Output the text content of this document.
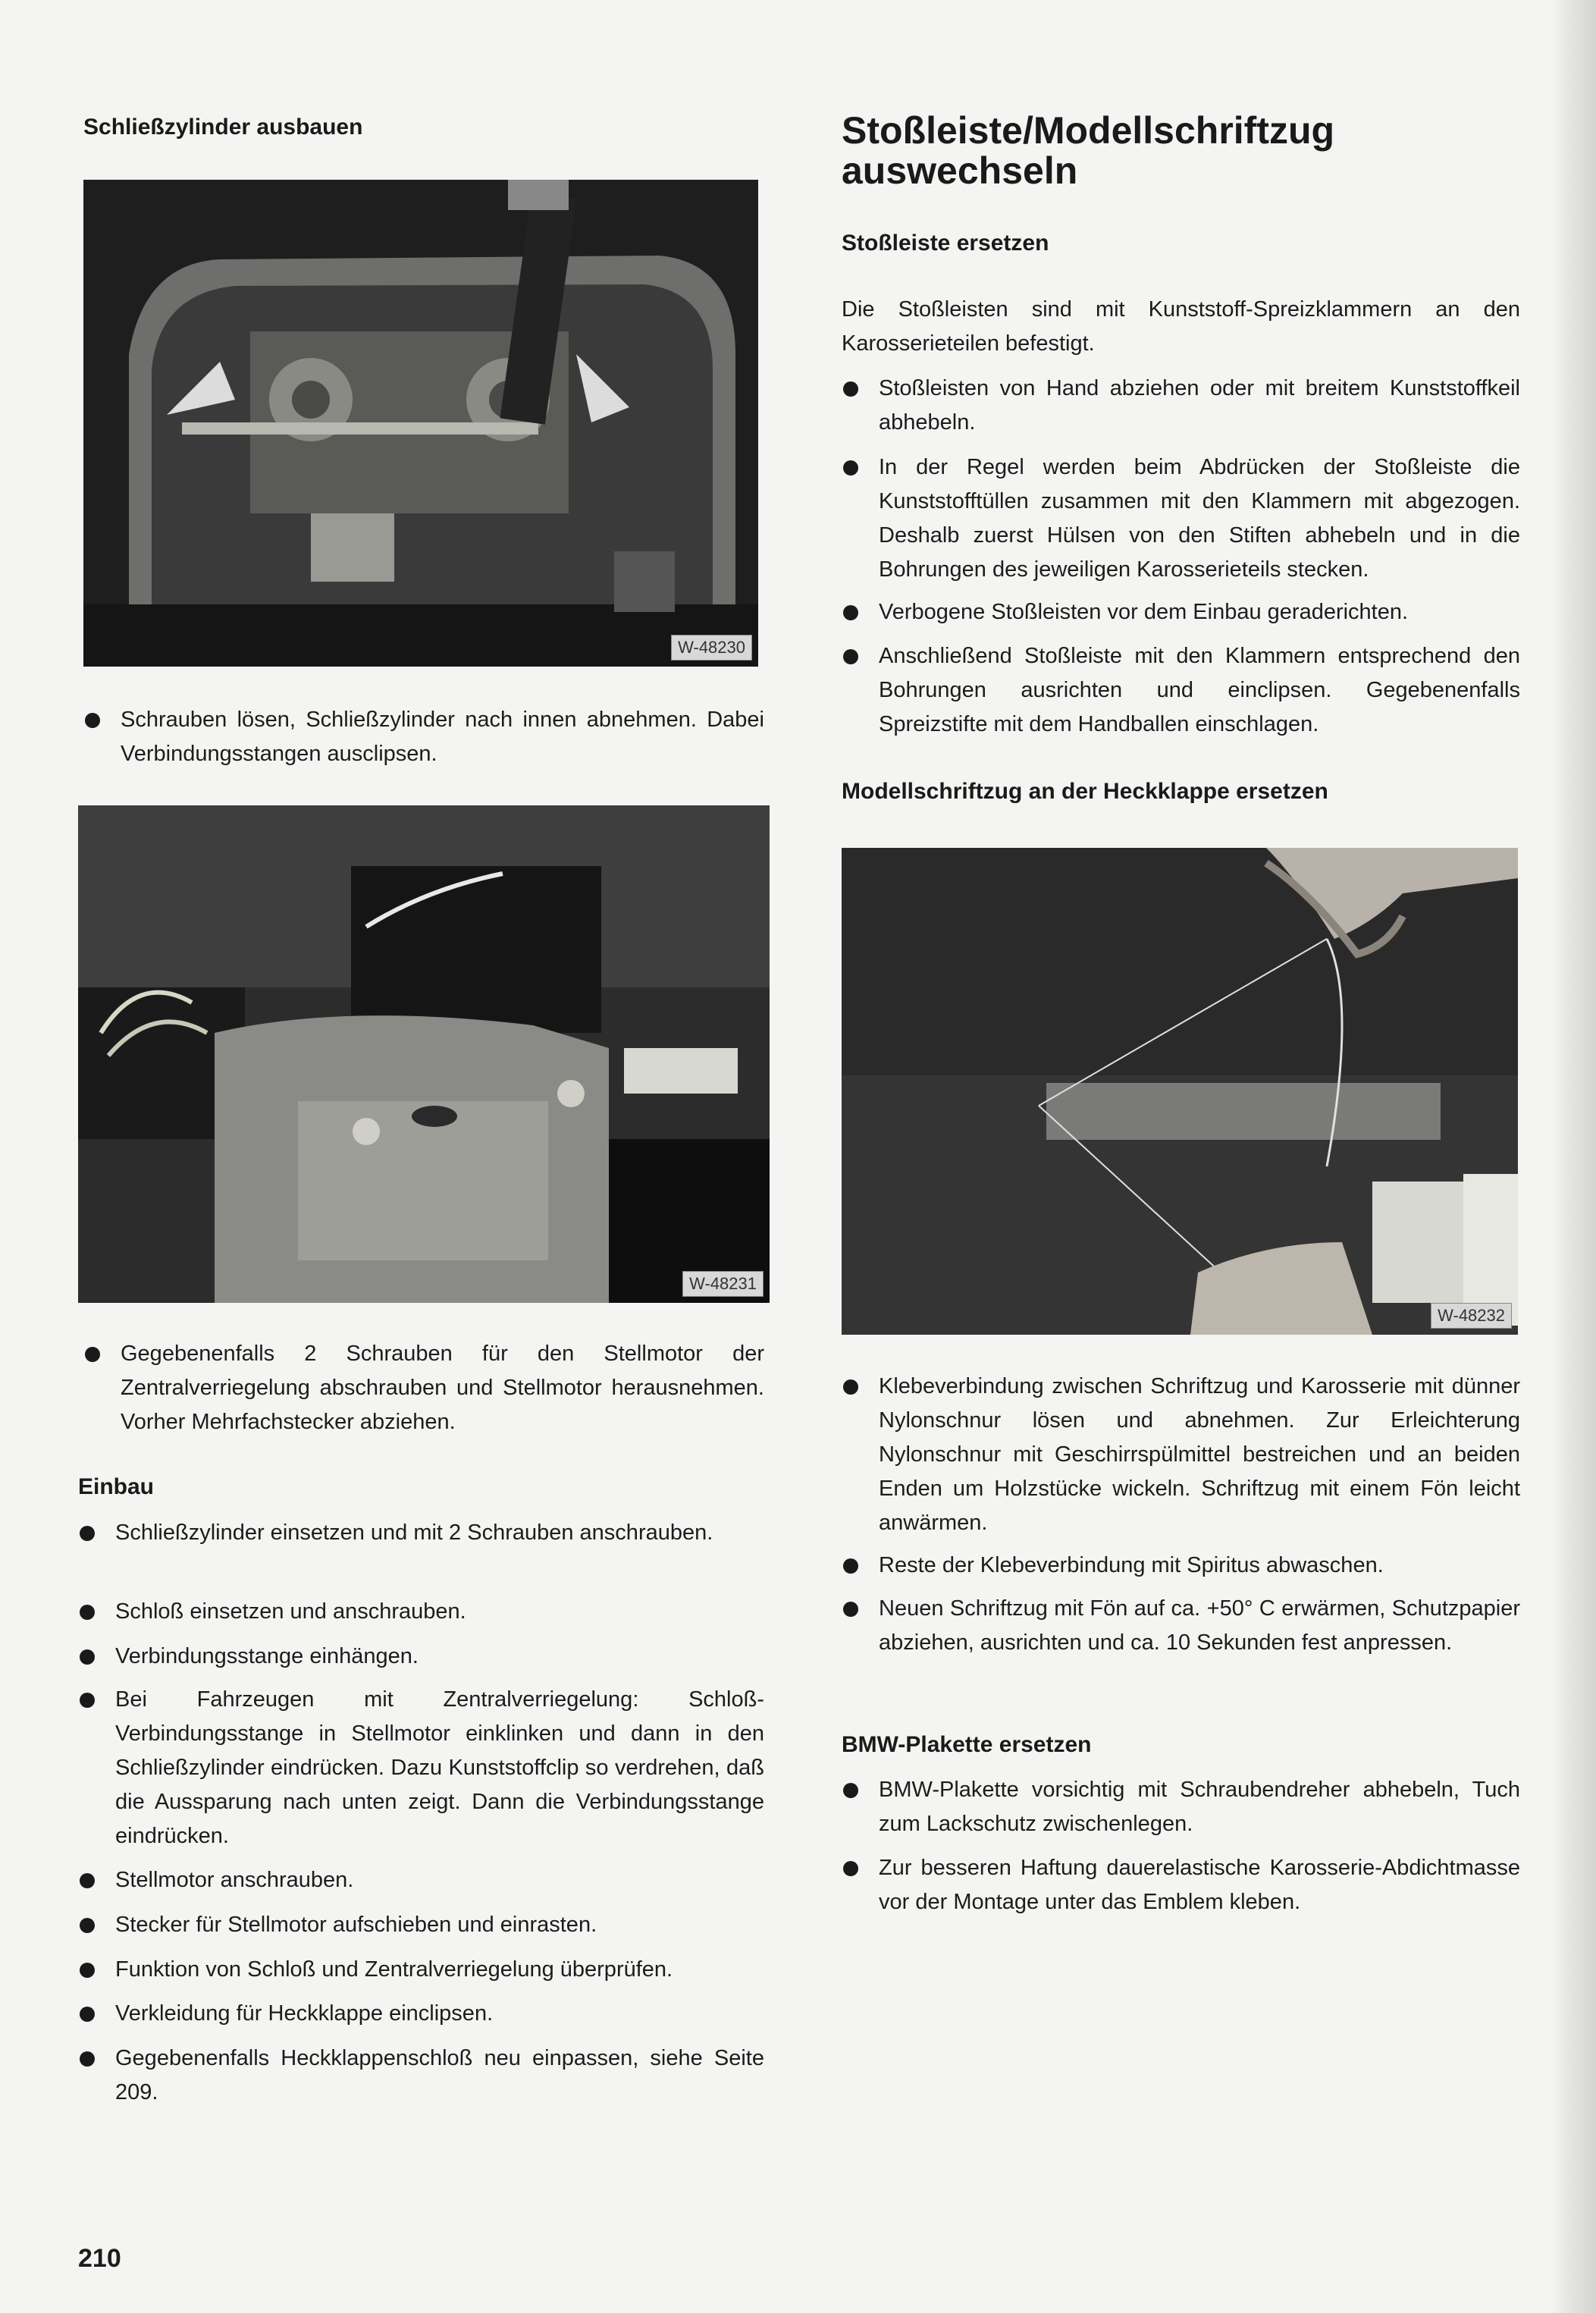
Schließzylinder ausbauen
W-48230
Schrauben lösen, Schließzylinder nach innen abnehmen. Dabei Verbindungsstangen ausclipsen.
W-48231
Gegebenenfalls 2 Schrauben für den Stellmotor der Zentralverriegelung abschrauben und Stellmotor herausnehmen. Vorher Mehrfachstecker abziehen.
Einbau
Schließzylinder einsetzen und mit 2 Schrauben anschrauben.
Schloß einsetzen und anschrauben.
Verbindungsstange einhängen.
Bei Fahrzeugen mit Zentralverriegelung: Schloß-Verbindungsstange in Stellmotor einklinken und dann in den Schließzylinder eindrücken. Dazu Kunststoffclip so verdrehen, daß die Aussparung nach unten zeigt. Dann die Verbindungsstange eindrücken.
Stellmotor anschrauben.
Stecker für Stellmotor aufschieben und einrasten.
Funktion von Schloß und Zentralverriegelung überprüfen.
Verkleidung für Heckklappe einclipsen.
Gegebenenfalls Heckklappenschloß neu einpassen, siehe Seite 209.
Stoßleiste/Modellschriftzug auswechseln
Stoßleiste ersetzen

Die Stoßleisten sind mit Kunststoff-Spreizklammern an den Karosserieteilen befestigt.

Stoßleisten von Hand abziehen oder mit breitem Kunststoffkeil abhebeln.
In der Regel werden beim Abdrücken der Stoßleiste die Kunststofftüllen zusammen mit den Klammern mit abgezogen. Deshalb zuerst Hülsen von den Stiften abhebeln und in die Bohrungen des jeweiligen Karosserieteils stecken.
Verbogene Stoßleisten vor dem Einbau geraderichten.
Anschließend Stoßleiste mit den Klammern entsprechend den Bohrungen ausrichten und einclipsen. Gegebenenfalls Spreizstifte mit dem Handballen einschlagen.
Modellschriftzug an der Heckklappe ersetzen
W-48232
Klebeverbindung zwischen Schriftzug und Karosserie mit dünner Nylonschnur lösen und abnehmen. Zur Erleichterung Nylonschnur mit Geschirrspülmittel bestreichen und an beiden Enden um Holzstücke wickeln. Schriftzug mit einem Fön leicht anwärmen.
Reste der Klebeverbindung mit Spiritus abwaschen.
Neuen Schriftzug mit Fön auf ca. +50° C erwärmen, Schutzpapier abziehen, ausrichten und ca. 10 Sekunden fest anpressen.
BMW-Plakette ersetzen
BMW-Plakette vorsichtig mit Schraubendreher abhebeln, Tuch zum Lackschutz zwischenlegen.
Zur besseren Haftung dauerelastische Karosserie-Abdichtmasse vor der Montage unter das Emblem kleben.
210
